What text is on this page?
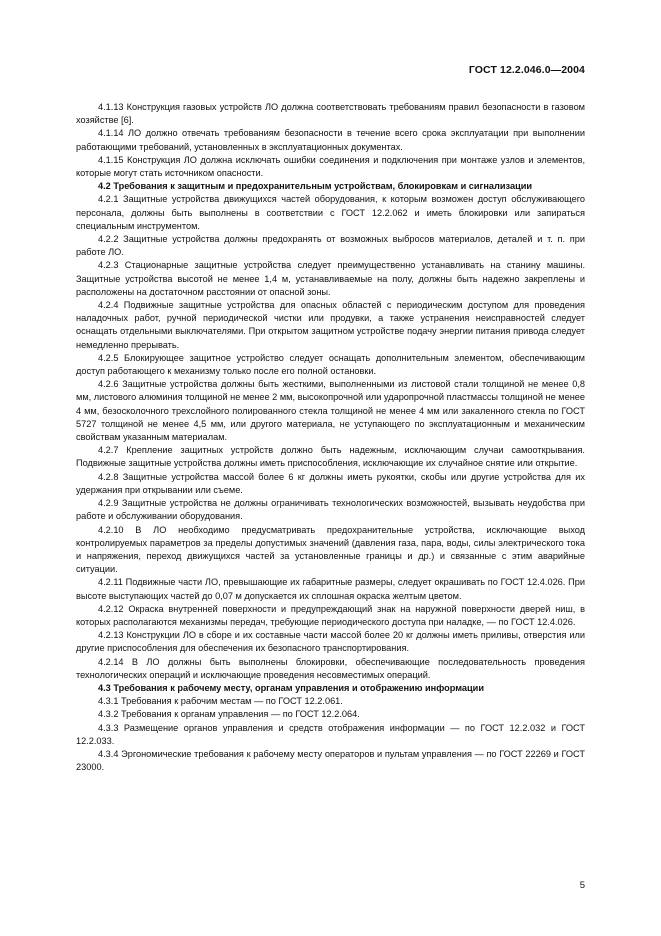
ГОСТ 12.2.046.0—2004

4.1.13 Конструкция газовых устройств ЛО должна соответствовать требованиям правил безопасности в газовом хозяйстве [6].

4.1.14 ЛО должно отвечать требованиям безопасности в течение всего срока эксплуатации при выполнении работающими требований, установленных в эксплуатационных документах.

4.1.15 Конструкция ЛО должна исключать ошибки соединения и подключения при монтаже узлов и элементов, которые могут стать источником опасности.

4.2 Требования к защитным и предохранительным устройствам, блокировкам и сигнализации

4.2.1 Защитные устройства движущихся частей оборудования, к которым возможен доступ обслуживающего персонала, должны быть выполнены в соответствии с ГОСТ 12.2.062 и иметь блокировки или запираться специальным инструментом.

4.2.2 Защитные устройства должны предохранять от возможных выбросов материалов, деталей и т. п. при работе ЛО.

4.2.3 Стационарные защитные устройства следует преимущественно устанавливать на станину машины. Защитные устройства высотой не менее 1,4 м, устанавливаемые на полу, должны быть надежно закреплены и расположены на достаточном расстоянии от опасной зоны.

4.2.4 Подвижные защитные устройства для опасных областей с периодическим доступом для проведения наладочных работ, ручной периодической чистки или продувки, а также устранения неисправностей следует оснащать отдельными выключателями. При открытом защитном устройстве подачу энергии питания привода следует немедленно прерывать.

4.2.5 Блокирующее защитное устройство следует оснащать дополнительным элементом, обеспечивающим доступ работающего к механизму только после его полной остановки.

4.2.6 Защитные устройства должны быть жесткими, выполненными из листовой стали толщиной не менее 0,8 мм, листового алюминия толщиной не менее 2 мм, высокопрочной или ударопрочной пластмассы толщиной не менее 4 мм, безосколочного трехслойного полированного стекла толщиной не менее 4 мм или закаленного стекла по ГОСТ 5727 толщиной не менее 4,5 мм, или другого материала, не уступающего по эксплуатационным и механическим свойствам указанным материалам.

4.2.7 Крепление защитных устройств должно быть надежным, исключающим случаи самооткрывания. Подвижные защитные устройства должны иметь приспособления, исключающие их случайное снятие или открытие.

4.2.8 Защитные устройства массой более 6 кг должны иметь рукоятки, скобы или другие устройства для их удержания при открывании или съеме.

4.2.9 Защитные устройства не должны ограничивать технологических возможностей, вызывать неудобства при работе и обслуживании оборудования.

4.2.10 В ЛО необходимо предусматривать предохранительные устройства, исключающие выход контролируемых параметров за пределы допустимых значений (давления газа, пара, воды, силы электрического тока и напряжения, переход движущихся частей за установленные границы и др.) и связанные с этим аварийные ситуации.

4.2.11 Подвижные части ЛО, превышающие их габаритные размеры, следует окрашивать по ГОСТ 12.4.026. При высоте выступающих частей до 0,07 м допускается их сплошная окраска желтым цветом.

4.2.12 Окраска внутренней поверхности и предупреждающий знак на наружной поверхности дверей ниш, в которых располагаются механизмы передач, требующие периодического доступа при наладке, — по ГОСТ 12.4.026.

4.2.13 Конструкции ЛО в сборе и их составные части массой более 20 кг должны иметь приливы, отверстия или другие приспособления для обеспечения их безопасного транспортирования.

4.2.14 В ЛО должны быть выполнены блокировки, обеспечивающие последовательность проведения технологических операций и исключающие проведения несовместимых операций.

4.3 Требования к рабочему месту, органам управления и отображению информации

4.3.1 Требования к рабочим местам — по ГОСТ 12.2.061.

4.3.2 Требования к органам управления — по ГОСТ 12.2.064.

4.3.3 Размещение органов управления и средств отображения информации — по ГОСТ 12.2.032 и ГОСТ 12.2.033.

4.3.4 Эргономические требования к рабочему месту операторов и пультам управления — по ГОСТ 22269 и ГОСТ 23000.

5
